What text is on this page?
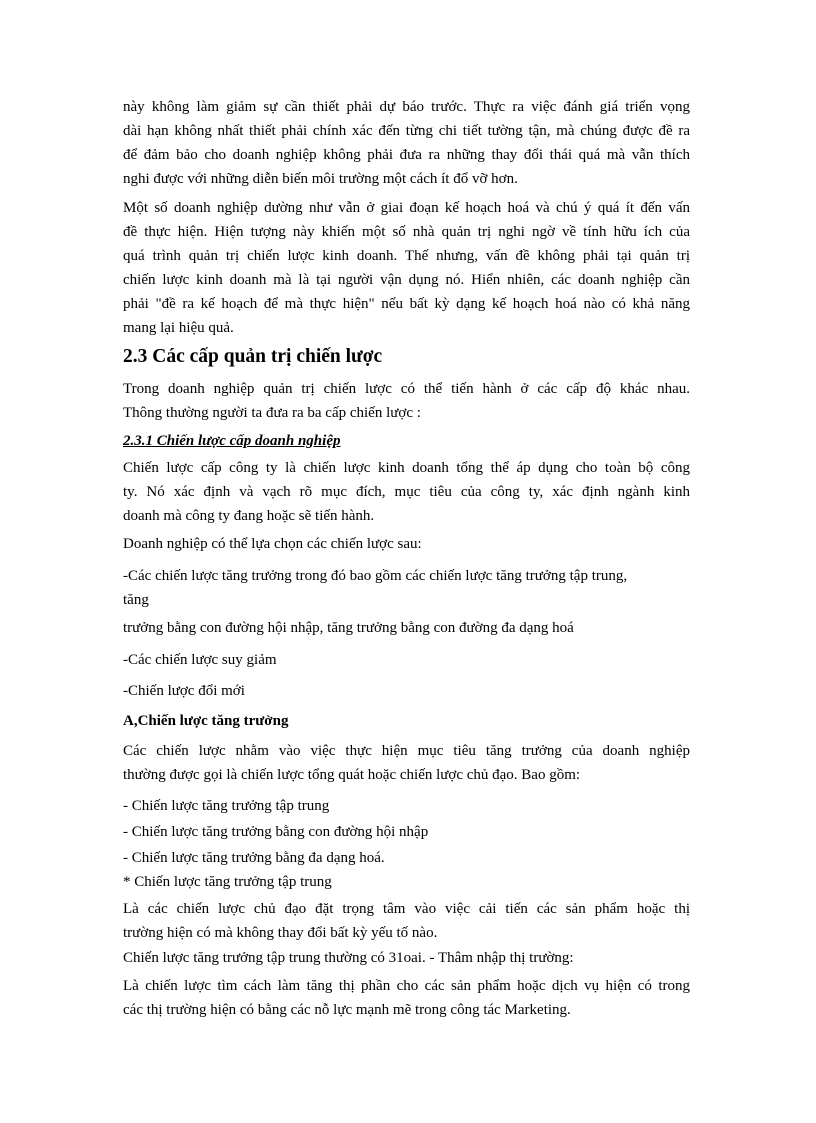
này không làm giảm sự cần thiết phải dự báo trước. Thực ra việc đánh giá triển vọng
dài hạn không nhất thiết phải chính xác đến từng chi tiết tường tận, mà chúng được đề ra
để đảm bảo cho doanh nghiệp không phải đưa ra những thay đổi thái quá mà vẫn thích
nghi được với những diễn biến môi trường một cách ít đổ vỡ hơn.
Một số doanh nghiệp dường như vẫn ở giai đoạn kế hoạch hoá và chú ý quá ít đến vấn
đề thực hiện. Hiện tượng này khiến một số nhà quản trị nghi ngờ về tính hữu ích của
quá trình quản trị chiến lược kinh doanh. Thế nhưng, vấn đề không phải tại quản trị
chiến lược kinh doanh mà là tại người vận dụng nó. Hiển nhiên, các doanh nghiệp cần
phải "đề ra kế hoạch để mà thực hiện" nếu bất kỳ dạng kế hoạch hoá nào có khả năng
mang lại hiệu quả.
2.3 Các cấp quản trị chiến lược
Trong doanh nghiệp quản trị chiến lược có thể tiến hành ở các cấp độ khác nhau.
Thông thường người ta đưa ra ba cấp chiến lược :
2.3.1 Chiến lược cấp doanh nghiệp
Chiến lược cấp công ty là chiến lược kinh doanh tổng thể áp dụng cho toàn bộ công
ty. Nó xác định và vạch rõ mục đích, mục tiêu của công ty, xác định ngành kinh
doanh mà công ty đang hoặc sẽ tiến hành.
Doanh nghiệp có thể lựa chọn các chiến lược sau:
-Các chiến lược tăng trưởng trong đó bao gồm các chiến lược tăng trưởng tập trung,
tăng
trưởng bằng con đường hội nhập, tăng trưởng bằng con đường đa dạng hoá
-Các chiến lược suy giảm
-Chiến lược đổi mới
A,Chiến lược tăng trưởng
Các chiến lược nhằm vào việc thực hiện mục tiêu tăng trưởng của doanh nghiệp
thường được gọi là chiến lược tổng quát hoặc chiến lược chủ đạo. Bao gồm:
- Chiến lược tăng trưởng tập trung
- Chiến lược tăng trưởng bằng con đường hội nhập
- Chiến lược tăng trưởng bằng đa dạng hoá.
* Chiến lược tăng trưởng tập trung
Là các chiến lược chủ đạo đặt trọng tâm vào việc cải tiến các sản phẩm hoặc thị
trường hiện có mà không thay đổi bất kỳ yếu tố nào.
Chiến lược tăng trưởng tập trung thường có 31oai. - Thâm nhập thị trường:
Là chiến lược tìm cách làm tăng thị phần cho các sản phẩm hoặc dịch vụ hiện có trong
các thị trường hiện có bằng các nỗ lực mạnh mẽ trong công tác Marketing.
